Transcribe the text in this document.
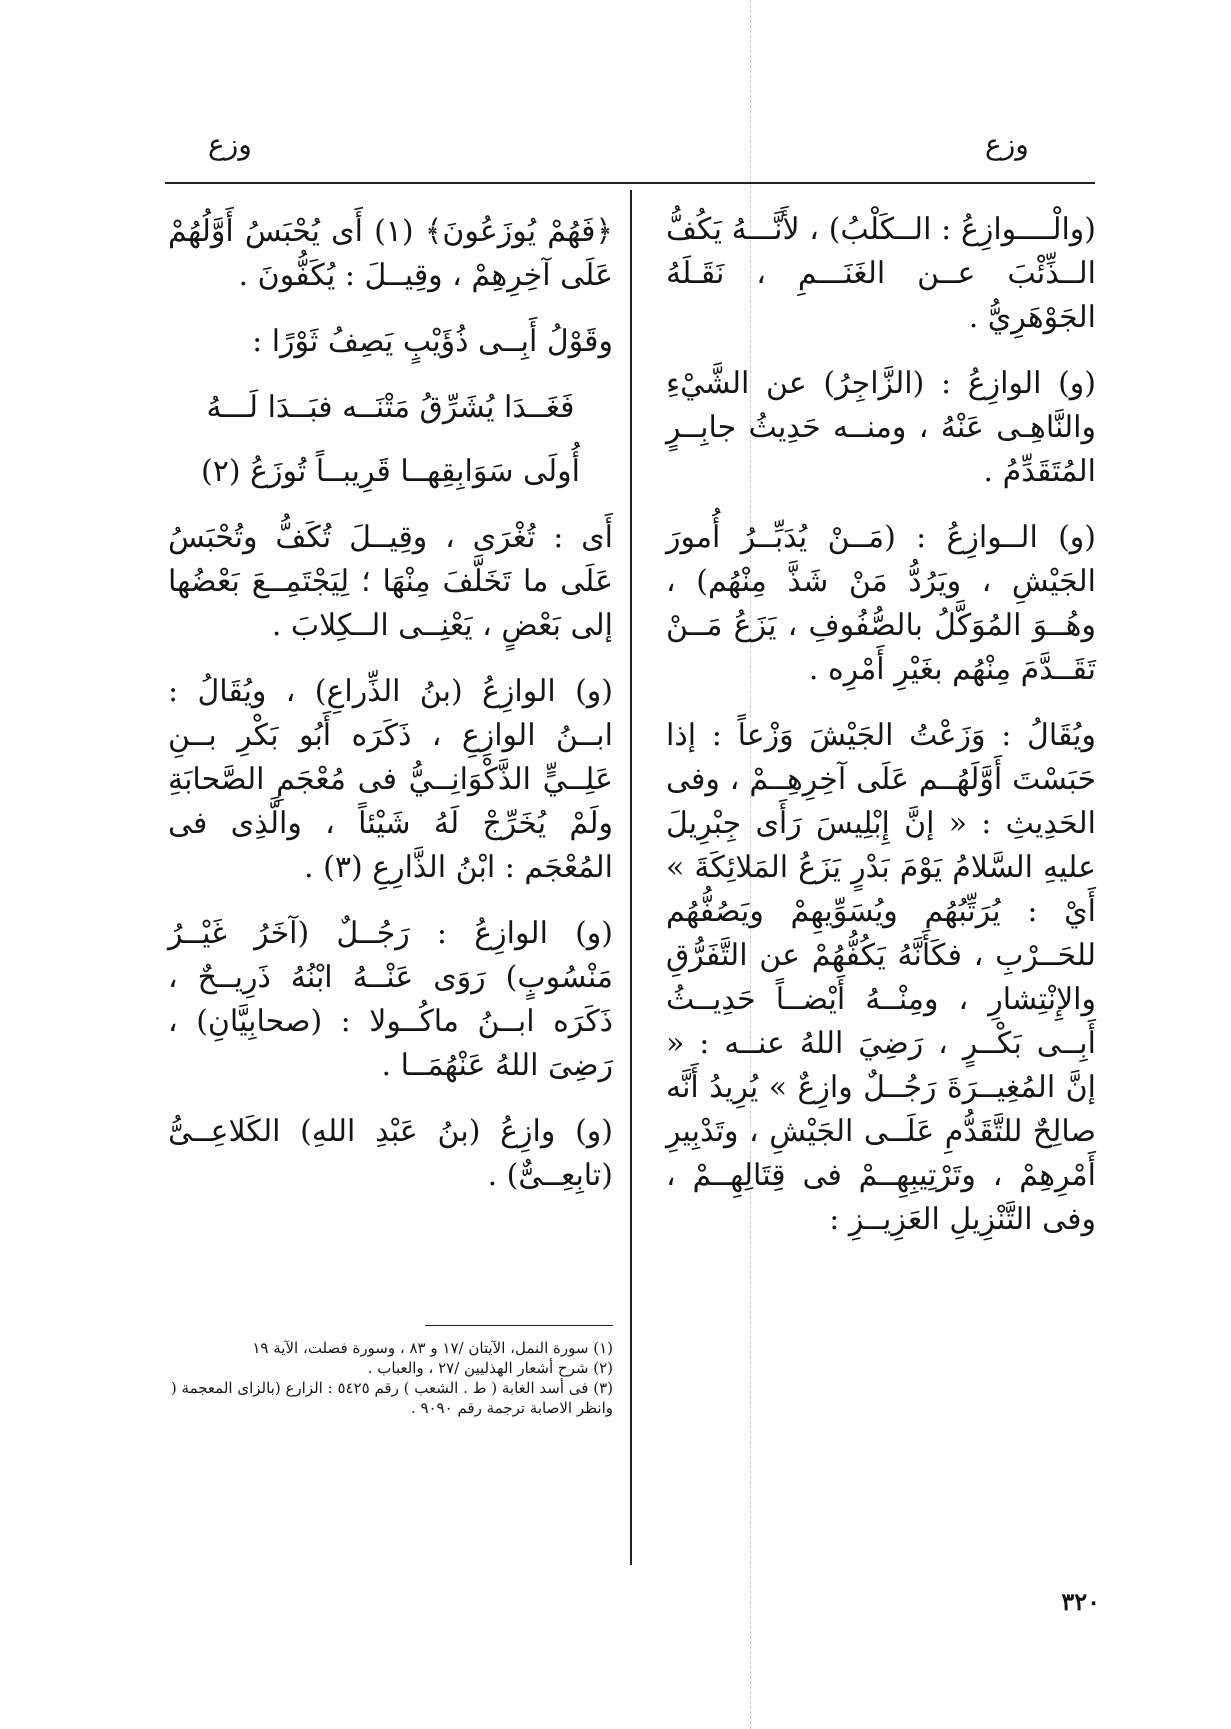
وزع
وزع

(والْــــوازِعُ : الــكَلْبُ) ، لأَنَّـــهُ يَكُفُّ الــذِّئْبَ عــن الغَنَـــمِ ، نَقَـلَهُ الجَوْهَرِيُّ .

(و) الوازِعُ : (الزَّاجِرُ) عن الشَّيْءِ والنَّاهِـى عَنْهُ ، ومنــه حَدِيثُ جابِــرٍ المُتَقَدِّمُ .

(و) الــوازِعُ : (مَــنْ يُدَبِّــرُ أُمورَ الجَيْشِ ، ويَرُدُّ مَنْ شَذَّ مِنْهُم) ، وهُــوَ المُوَكَّلُ بالصُّفُوفِ ، يَزَعُ مَــنْ تَقَــدَّمَ مِنْهُم بغَيْرِ أَمْرِه .

ويُقَالُ : وَزَعْتُ الجَيْشَ وَزْعاً : إذا حَبَسْتَ أَوَّلَهُــم عَلَى آخِرِهِــمْ ، وفى الحَدِيثِ : « إنَّ إِبْلِيسَ رَأَى جِبْرِيلَ عليهِ السَّلامُ يَوْمَ بَدْرٍ يَزَعُ المَلائِكَةَ » أَيْ : يُرَتِّبُهُم ويُسَوِّيهِمْ ويَصُفُّهُم للحَــرْبِ ، فكَأَنَّهُ يَكُفُّهُمْ عن التَّفَرُّقِ والإِنْتِشارِ ، ومِنْــهُ أَيْضــاً حَدِيــثُ أَبِــى بَكْــرٍ ، رَضِيَ اللهُ عنــه : « إنَّ المُغِيــرَةَ رَجُــلٌ وازِعٌ » يُرِيدُ أَنَّه صالِحٌ للتَّقَدُّمِ عَلَــى الجَيْشِ ، وتَدْبِيرِ أَمْرِهِمْ ، وتَرْتِيبِهِــمْ فى قِتَالِهِــمْ ، وفى التَّنْزِيلِ العَزِيــزِ :

﴿فَهُمْ يُوزَعُونَ﴾ (١) أَى يُحْبَسُ أَوَّلُهُمْ عَلَى آخِرِهِمْ ، وقِيــلَ : يُكَفُّونَ .

وقَوْلُ أَبِــى ذُؤَيْبٍ يَصِفُ ثَوْرًا :

فَغَــدَا يُشَرِّقُ مَتْنَــه فبَــدَا لَـــهُ
أُولَى سَوَابِقِهــا قَرِيبــاً تُوزَعُ (٢)

أَى : تُغْرَى ، وقِيــلَ تُكَفُّ وتُحْبَسُ عَلَى ما تَخَلَّفَ مِنْهَا ؛ لِيَجْتَمِــعَ بَعْضُها إلى بَعْضٍ ، يَعْنِــى الــكِلابَ .

(و) الوازِعُ (بنُ الذِّراعِ) ، ويُقَالُ : ابــنُ الوازِعِ ، ذَكَرَه أَبُو بَكْرِ بــنِ عَلِــيٍّ الذَّكْوَانِــيُّ فى مُعْجَمِ الصَّحابَةِ ولَمْ يُخَرِّجْ لَهُ شَيْئاً ، والَّذِى فى المُعْجَم : ابْنُ الذَّارِعِ (٣) .

(و) الوازِعُ : رَجُــلٌ (آخَرُ غَيْــرُ مَنْسُوبٍ) رَوَى عَنْــهُ ابْنُهُ ذَرِيــحٌ ، ذَكَرَه ابــنُ ماكُــولا : (صحابِيَّانِ) ، رَضِىَ اللهُ عَنْهُمَــا .

(و) وازِعُ (بنُ عَبْدِ اللهِ) الكَلاعِــىُّ (تابِعِــىٌّ) .

(١) سورة النمل، الآيتان /١٧ و ٨٣ ، وسورة فصلت، الآية ١٩
(٢) شرح أشعار الهذليين /٢٧ ، والعباب .
(٣) فى أسد الغابة ( ط . الشعب ) رقم ٥٤٢٥ : الزارع (بالزاى المعجمة ( وانظر الاصابة ترجمة رقم ٩٠٩٠ .
٣٢٠
